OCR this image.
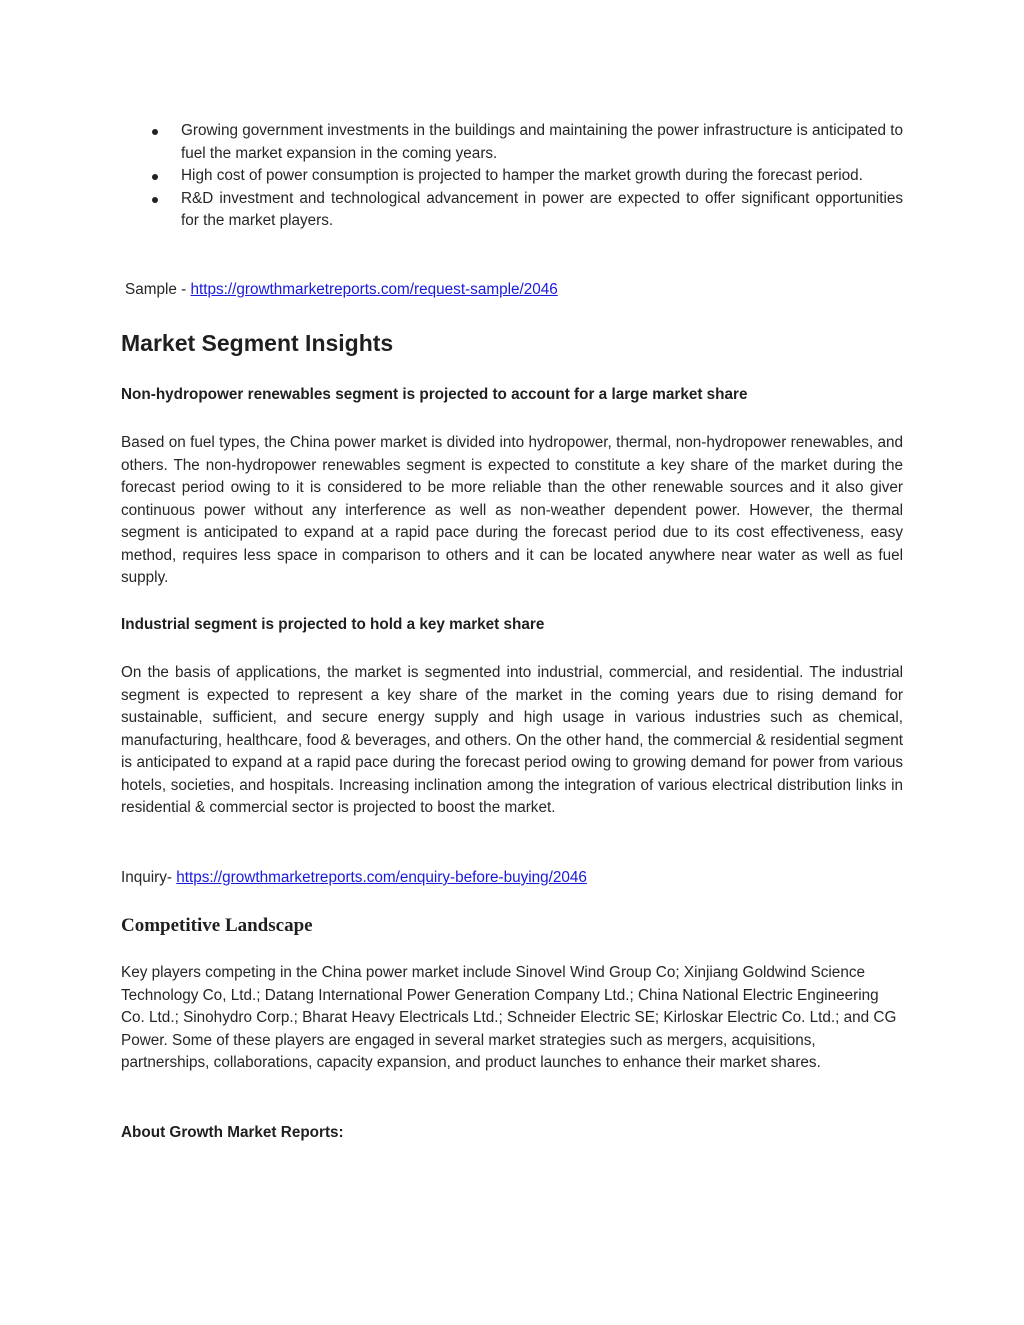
Growing government investments in the buildings and maintaining the power infrastructure is anticipated to fuel the market expansion in the coming years.
High cost of power consumption is projected to hamper the market growth during the forecast period.
R&D investment and technological advancement in power are expected to offer significant opportunities for the market players.
Sample - https://growthmarketreports.com/request-sample/2046
Market Segment Insights
Non-hydropower renewables segment is projected to account for a large market share
Based on fuel types, the China power market is divided into hydropower, thermal, non-hydropower renewables, and others. The non-hydropower renewables segment is expected to constitute a key share of the market during the forecast period owing to it is considered to be more reliable than the other renewable sources and it also giver continuous power without any interference as well as non-weather dependent power. However, the thermal segment is anticipated to expand at a rapid pace during the forecast period due to its cost effectiveness, easy method, requires less space in comparison to others and it can be located anywhere near water as well as fuel supply.
Industrial segment is projected to hold a key market share
On the basis of applications, the market is segmented into industrial, commercial, and residential. The industrial segment is expected to represent a key share of the market in the coming years due to rising demand for sustainable, sufficient, and secure energy supply and high usage in various industries such as chemical, manufacturing, healthcare, food & beverages, and others. On the other hand, the commercial & residential segment is anticipated to expand at a rapid pace during the forecast period owing to growing demand for power from various hotels, societies, and hospitals. Increasing inclination among the integration of various electrical distribution links in residential & commercial sector is projected to boost the market.
Inquiry- https://growthmarketreports.com/enquiry-before-buying/2046
Competitive Landscape
Key players competing in the China power market include Sinovel Wind Group Co; Xinjiang Goldwind Science Technology Co, Ltd.; Datang International Power Generation Company Ltd.; China National Electric Engineering Co. Ltd.; Sinohydro Corp.; Bharat Heavy Electricals Ltd.; Schneider Electric SE; Kirloskar Electric Co. Ltd.; and CG Power. Some of these players are engaged in several market strategies such as mergers, acquisitions, partnerships, collaborations, capacity expansion, and product launches to enhance their market shares.
About Growth Market Reports:
